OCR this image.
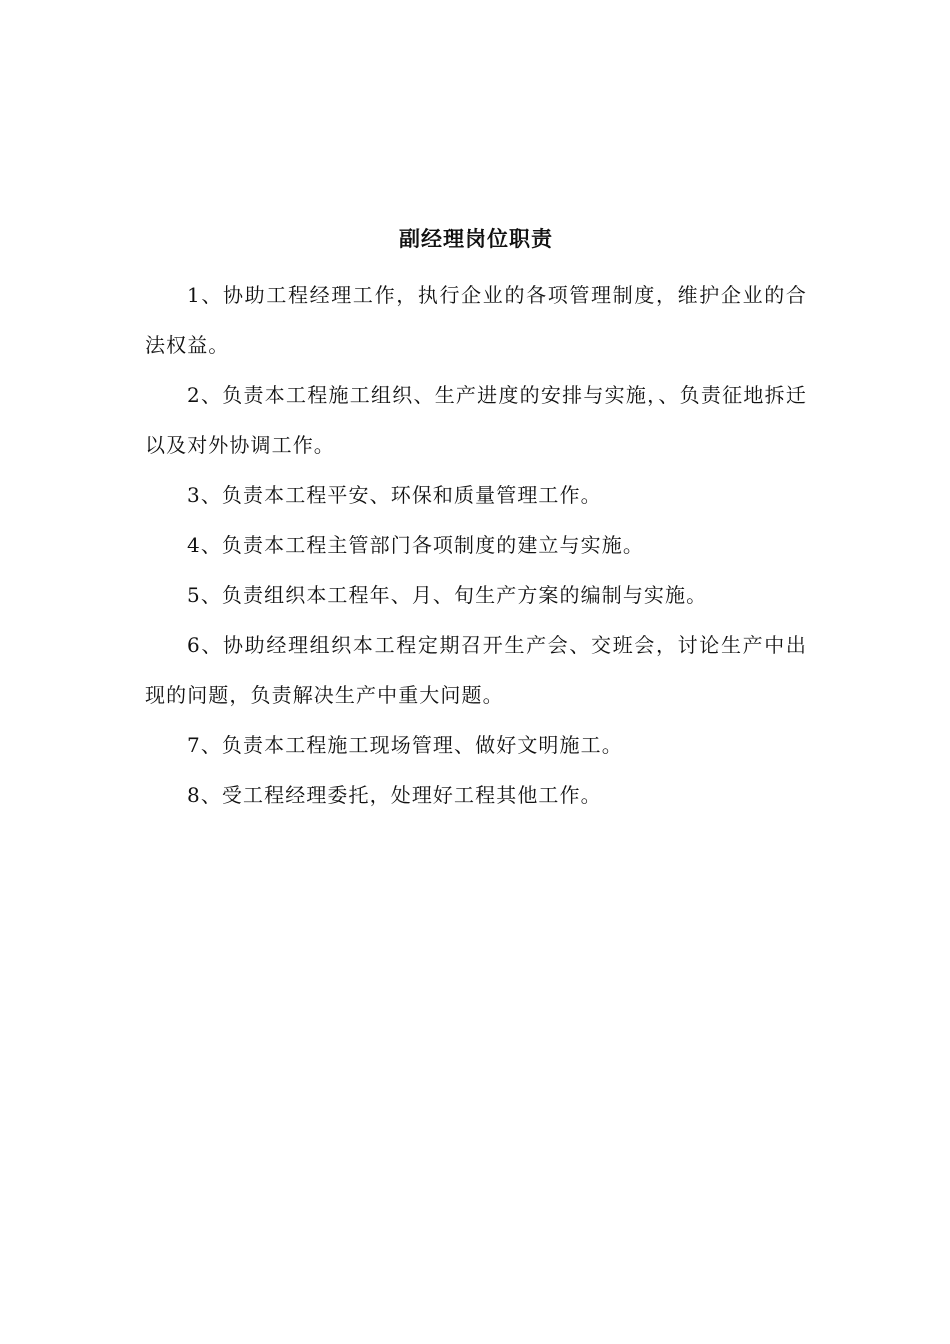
副经理岗位职责

1、协助工程经理工作，执行企业的各项管理制度，维护企业的合法权益。

2、负责本工程施工组织、生产进度的安排与实施，、负责征地拆迁以及对外协调工作。

3、负责本工程平安、环保和质量管理工作。

4、负责本工程主管部门各项制度的建立与实施。

5、负责组织本工程年、月、旬生产方案的编制与实施。

6、协助经理组织本工程定期召开生产会、交班会，讨论生产中出现的问题，负责解决生产中重大问题。

7、负责本工程施工现场管理、做好文明施工。

8、受工程经理委托，处理好工程其他工作。
